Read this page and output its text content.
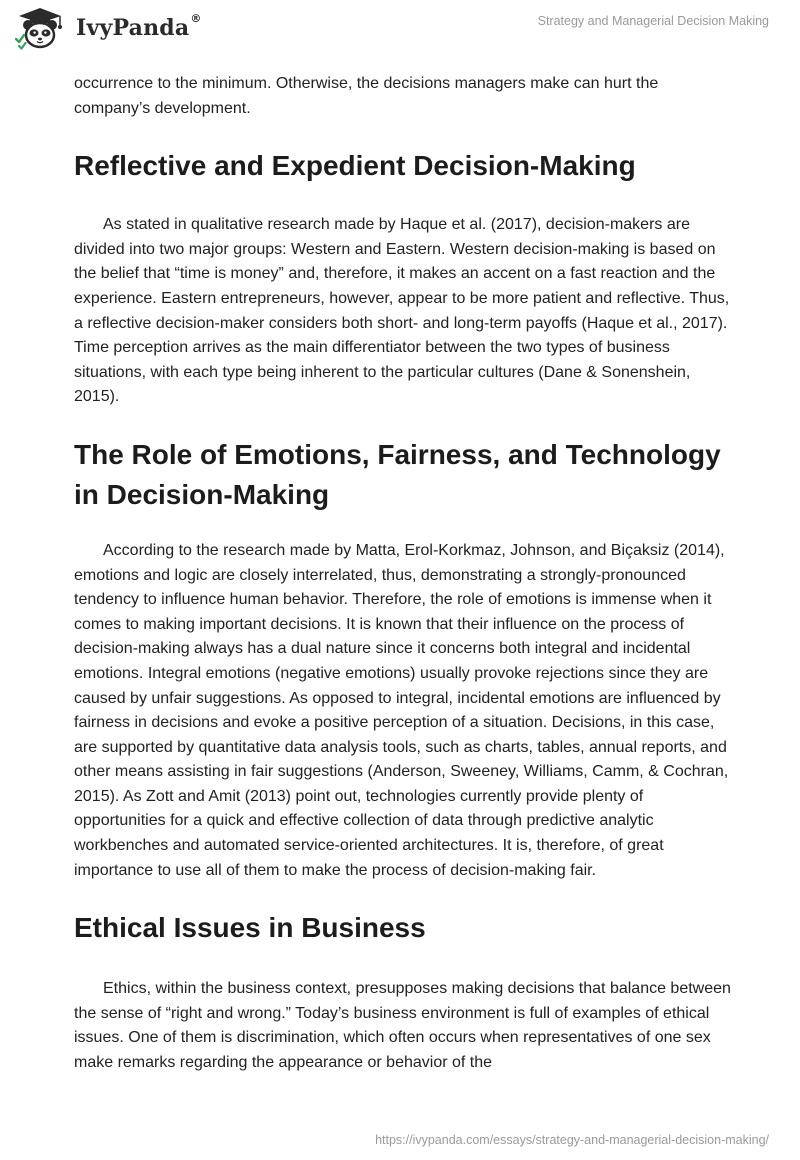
IvyPanda®	Strategy and Managerial Decision Making

occurrence to the minimum. Otherwise, the decisions managers make can hurt the company’s development.

Reflective and Expedient Decision-Making

As stated in qualitative research made by Haque et al. (2017), decision-makers are divided into two major groups: Western and Eastern. Western decision-making is based on the belief that “time is money” and, therefore, it makes an accent on a fast reaction and the experience. Eastern entrepreneurs, however, appear to be more patient and reflective. Thus, a reflective decision-maker considers both short- and long-term payoffs (Haque et al., 2017). Time perception arrives as the main differentiator between the two types of business situations, with each type being inherent to the particular cultures (Dane & Sonenshein, 2015).

The Role of Emotions, Fairness, and Technology in Decision-Making

According to the research made by Matta, Erol-Korkmaz, Johnson, and Biçaksiz (2014), emotions and logic are closely interrelated, thus, demonstrating a strongly-pronounced tendency to influence human behavior. Therefore, the role of emotions is immense when it comes to making important decisions. It is known that their influence on the process of decision-making always has a dual nature since it concerns both integral and incidental emotions. Integral emotions (negative emotions) usually provoke rejections since they are caused by unfair suggestions. As opposed to integral, incidental emotions are influenced by fairness in decisions and evoke a positive perception of a situation. Decisions, in this case, are supported by quantitative data analysis tools, such as charts, tables, annual reports, and other means assisting in fair suggestions (Anderson, Sweeney, Williams, Camm, & Cochran, 2015). As Zott and Amit (2013) point out, technologies currently provide plenty of opportunities for a quick and effective collection of data through predictive analytic workbenches and automated service-oriented architectures. It is, therefore, of great importance to use all of them to make the process of decision-making fair.

Ethical Issues in Business

Ethics, within the business context, presupposes making decisions that balance between the sense of “right and wrong.” Today’s business environment is full of examples of ethical issues. One of them is discrimination, which often occurs when representatives of one sex make remarks regarding the appearance or behavior of the

https://ivypanda.com/essays/strategy-and-managerial-decision-making/
